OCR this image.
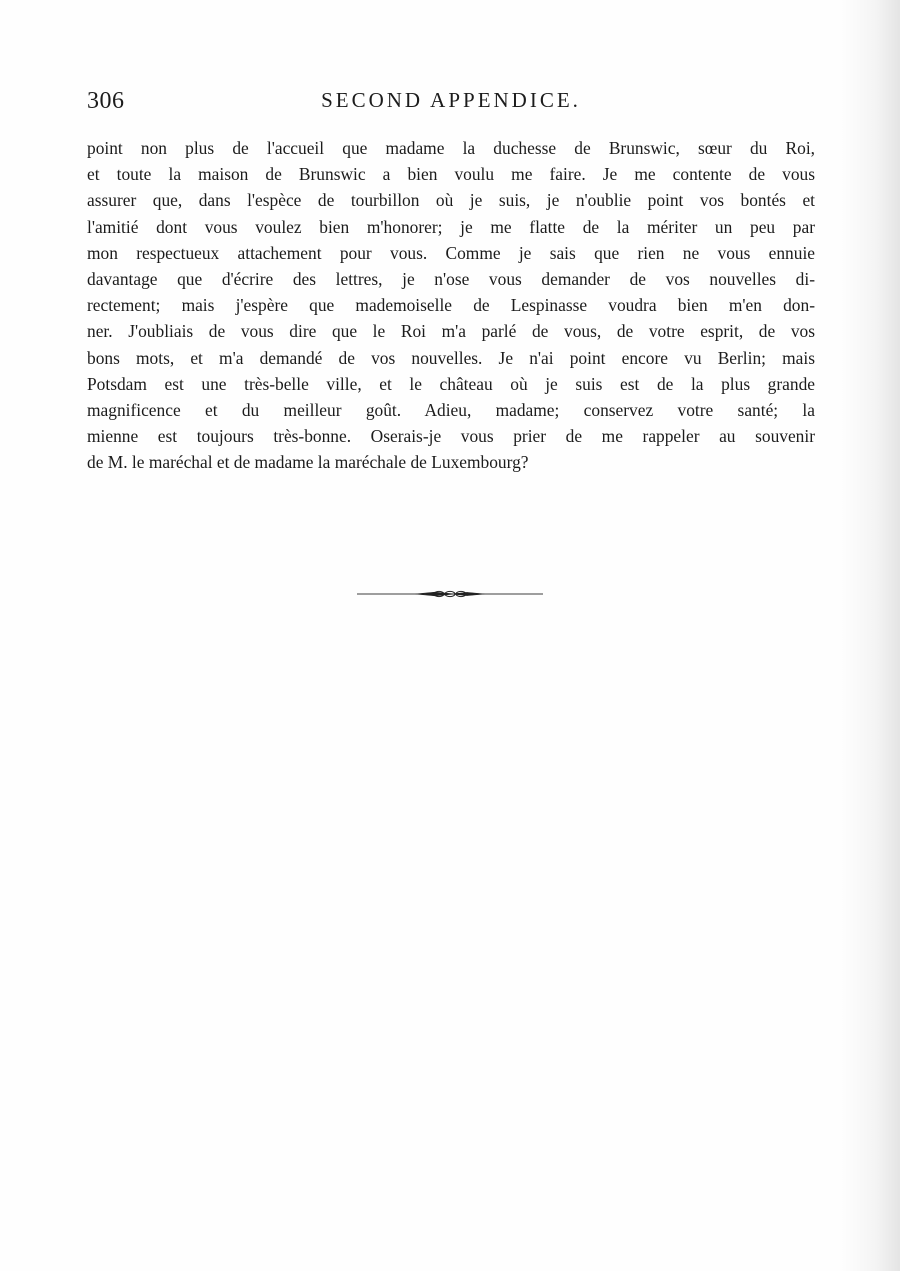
306	SECOND APPENDICE.
point non plus de l'accueil que madame la duchesse de Brunswic, sœur du Roi,
et toute la maison de Brunswic a bien voulu me faire. Je me contente de vous
assurer que, dans l'espèce de tourbillon où je suis, je n'oublie point vos bontés et
l'amitié dont vous voulez bien m'honorer; je me flatte de la mériter un peu par
mon respectueux attachement pour vous. Comme je sais que rien ne vous ennuie
davantage que d'écrire des lettres, je n'ose vous demander de vos nouvelles di-
rectement; mais j'espère que mademoiselle de Lespinasse voudra bien m'en don-
ner. J'oubliais de vous dire que le Roi m'a parlé de vous, de votre esprit, de vos
bons mots, et m'a demandé de vos nouvelles. Je n'ai point encore vu Berlin; mais
Potsdam est une très-belle ville, et le château où je suis est de la plus grande
magnificence et du meilleur goût. Adieu, madame; conservez votre santé; la
mienne est toujours très-bonne. Oserais-je vous prier de me rappeler au souvenir
de M. le maréchal et de madame la maréchale de Luxembourg?
